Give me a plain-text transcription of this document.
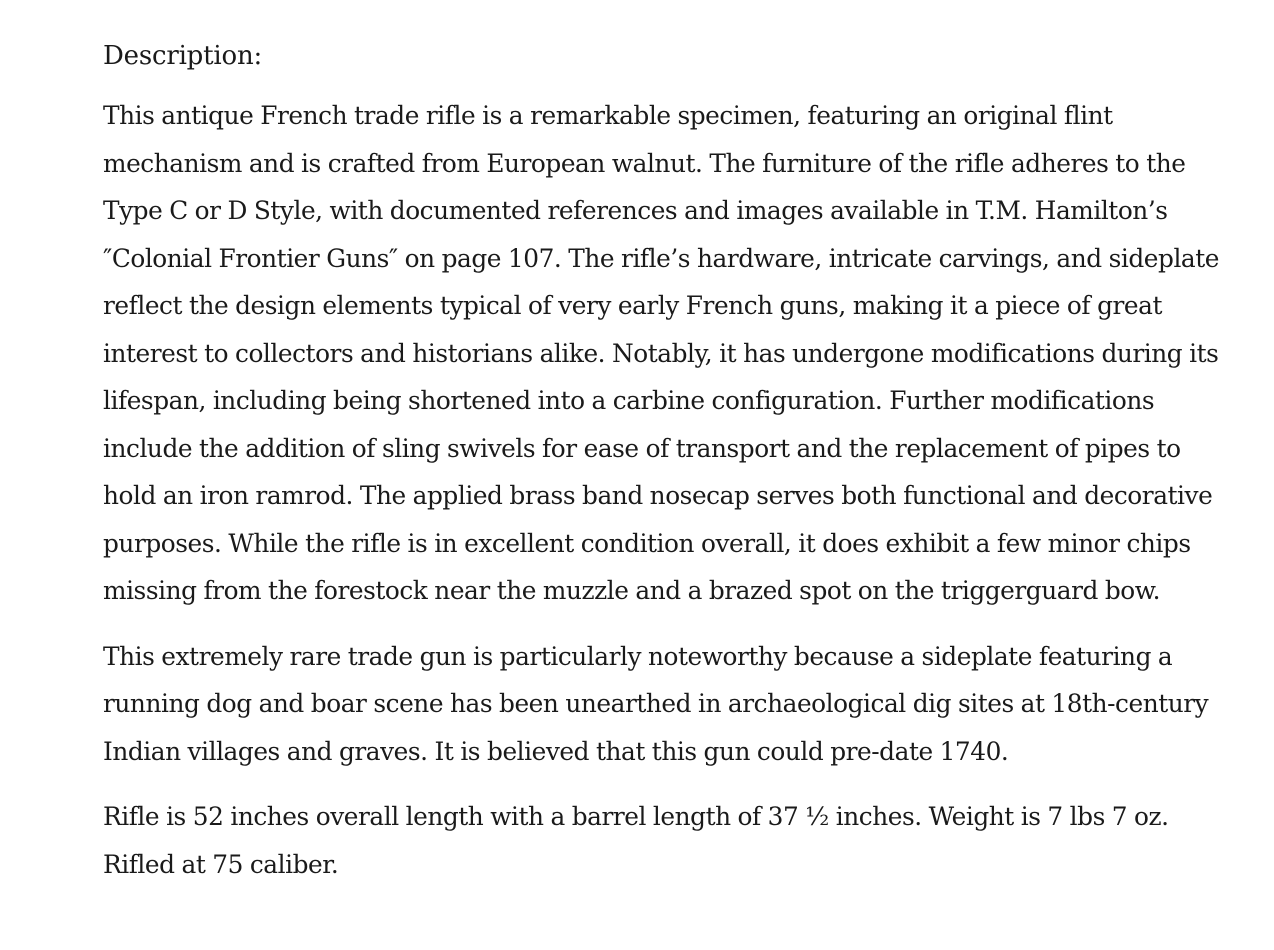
Description:

This antique French trade rifle is a remarkable specimen, featuring an original flint mechanism and is crafted from European walnut. The furniture of the rifle adheres to the Type C or D Style, with documented references and images available in T.M. Hamilton’s ″Colonial Frontier Guns″ on page 107. The rifle’s hardware, intricate carvings, and sideplate reflect the design elements typical of very early French guns, making it a piece of great interest to collectors and historians alike. Notably, it has undergone modifications during its lifespan, including being shortened into a carbine configuration. Further modifications include the addition of sling swivels for ease of transport and the replacement of pipes to hold an iron ramrod. The applied brass band nosecap serves both functional and decorative purposes. While the rifle is in excellent condition overall, it does exhibit a few minor chips missing from the forestock near the muzzle and a brazed spot on the triggerguard bow.

This extremely rare trade gun is particularly noteworthy because a sideplate featuring a running dog and boar scene has been unearthed in archaeological dig sites at 18th-century Indian villages and graves. It is believed that this gun could pre-date 1740.

Rifle is 52 inches overall length with a barrel length of 37 ½ inches. Weight is 7 lbs 7 oz. Rifled at 75 caliber.
